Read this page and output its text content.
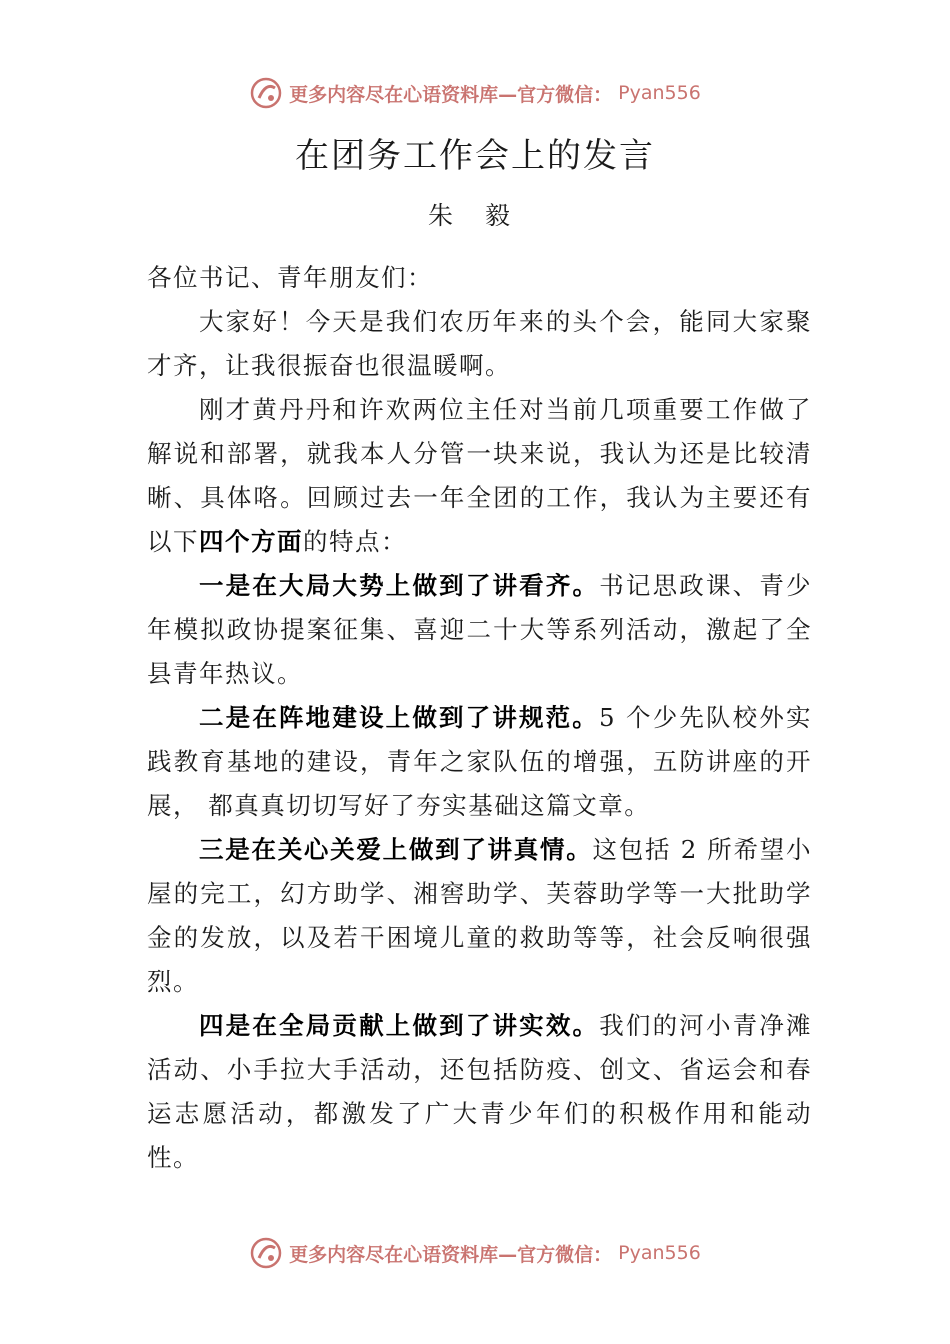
更多内容尽在心语资料库—官方微信： Pyan556
在团务工作会上的发言
朱 毅

各位书记、青年朋友们：

大家好！今天是我们农历年来的头个会，能同大家聚才齐，让我很振奋也很温暖啊。

刚才黄丹丹和许欢两位主任对当前几项重要工作做了解说和部署，就我本人分管一块来说，我认为还是比较清晰、具体咯。回顾过去一年全团的工作，我认为主要还有以下四个方面的特点：

一是在大局大势上做到了讲看齐。书记思政课、青少年模拟政协提案征集、喜迎二十大等系列活动，激起了全县青年热议。

二是在阵地建设上做到了讲规范。5 个少先队校外实践教育基地的建设，青年之家队伍的增强，五防讲座的开展， 都真真切切写好了夯实基础这篇文章。

三是在关心关爱上做到了讲真情。这包括 2 所希望小屋的完工，幻方助学、湘窖助学、芙蓉助学等一大批助学金的发放，以及若干困境儿童的救助等等，社会反响很强烈。

四是在全局贡献上做到了讲实效。我们的河小青净滩活动、小手拉大手活动，还包括防疫、创文、省运会和春运志愿活动，都激发了广大青少年们的积极作用和能动性。

更多内容尽在心语资料库—官方微信： Pyan556
